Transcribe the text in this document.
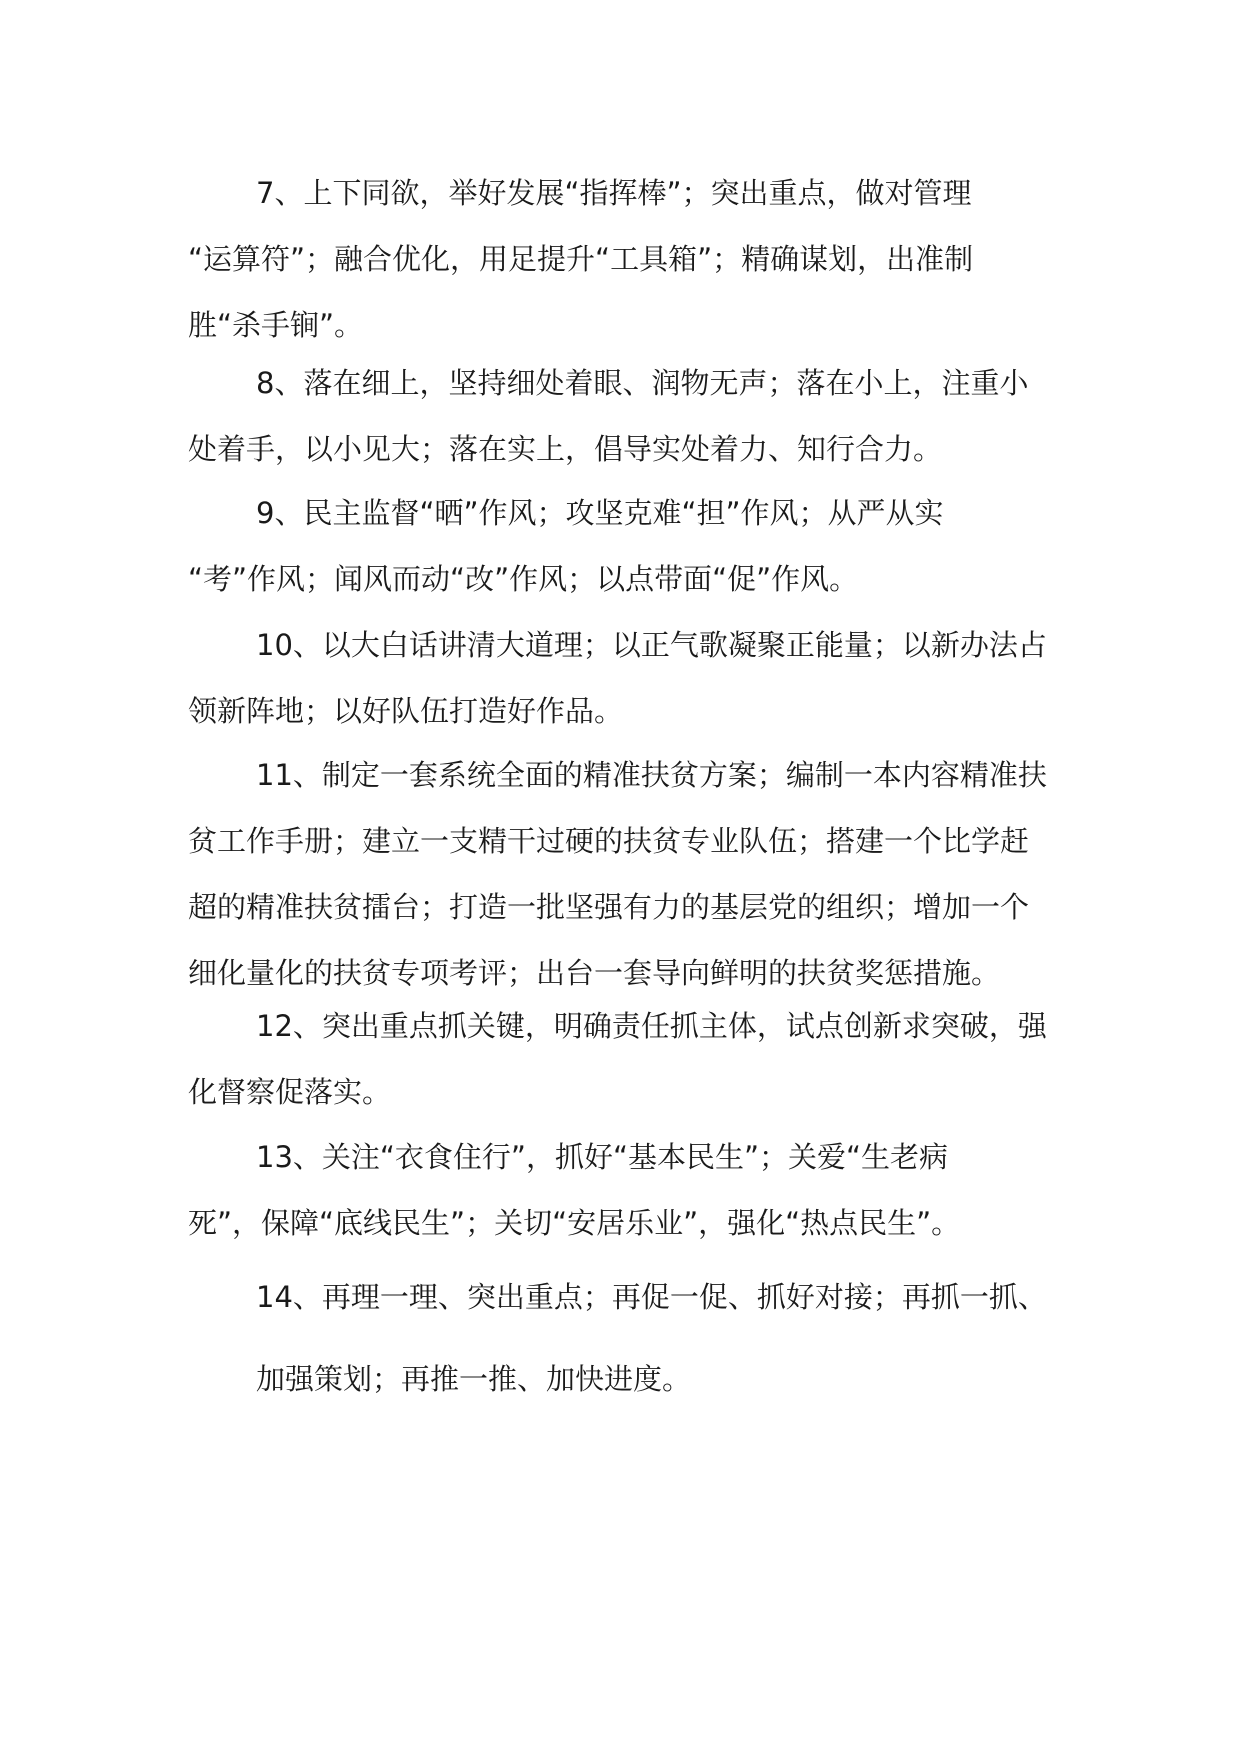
7、上下同欲，举好发展“指挥棒”；突出重点，做对管理
“运算符”；融合优化，用足提升“工具箱”；精确谋划，出准制
胜“杀手锏”。

8、落在细上，坚持细处着眼、润物无声；落在小上，注重小
处着手，以小见大；落在实上，倡导实处着力、知行合力。

9、民主监督“晒”作风；攻坚克难“担”作风；从严从实
“考”作风；闻风而动“改”作风；以点带面“促”作风。

10、以大白话讲清大道理；以正气歌凝聚正能量；以新办法占
领新阵地；以好队伍打造好作品。

11、制定一套系统全面的精准扶贫方案；编制一本内容精准扶
贫工作手册；建立一支精干过硬的扶贫专业队伍；搭建一个比学赶
超的精准扶贫擂台；打造一批坚强有力的基层党的组织；增加一个
细化量化的扶贫专项考评；出台一套导向鲜明的扶贫奖惩措施。

12、突出重点抓关键，明确责任抓主体，试点创新求突破，强
化督察促落实。

13、关注“衣食住行”，抓好“基本民生”；关爱“生老病
死”，保障“底线民生”；关切“安居乐业”，强化“热点民生”。

14、再理一理、突出重点；再促一促、抓好对接；再抓一抓、
加强策划；再推一推、加快进度。
